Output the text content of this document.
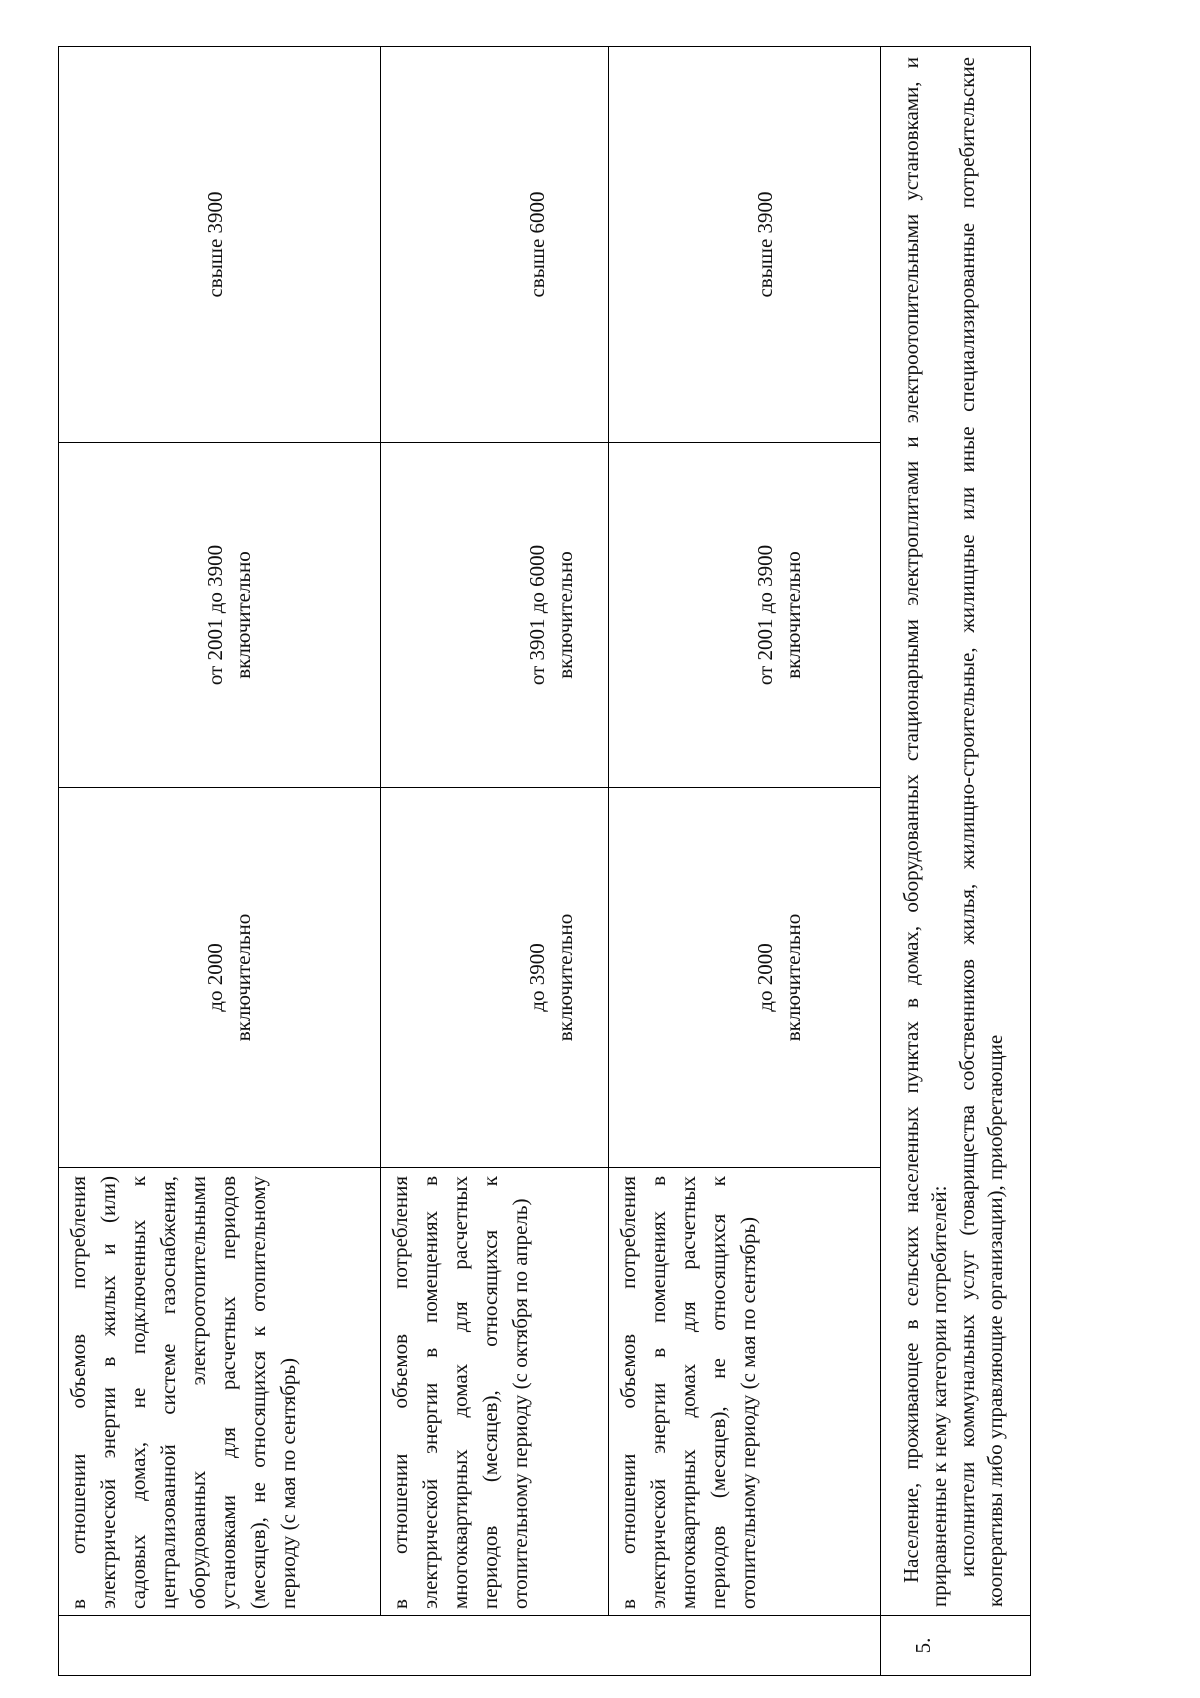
	в отношении объемов потребления электрической энергии в жилых и (или) садовых домах, не подключенных к централизованной системе газоснабжения, оборудованных электроотопительными установками для расчетных периодов (месяцев), не относящихся к отопительному периоду (с мая по сентябрь)	до 2000 включительно	от 2001 до 3900 включительно	свыше 3900

	в отношении объемов потребления электрической энергии в помещениях в многоквартирных домах для расчетных периодов (месяцев), относящихся к отопительному периоду (с октября по апрель)	до 3900 включительно	от 3901 до 6000 включительно	свыше 6000

	в отношении объемов потребления электрической энергии в помещениях в многоквартирных домах для расчетных периодов (месяцев), не относящихся к отопительному периоду (с мая по сентябрь)	до 2000 включительно	от 2001 до 3900 включительно	свыше 3900

5.	Население, проживающее в сельских населенных пунктах в домах, оборудованных стационарными электроплитами и электроотопительными установками, и приравненные к нему категории потребителей: исполнители коммунальных услуг (товарищества собственников жилья, жилищно-строительные, жилищные или иные специализированные потребительские кооперативы либо управляющие организации), приобретающие			
